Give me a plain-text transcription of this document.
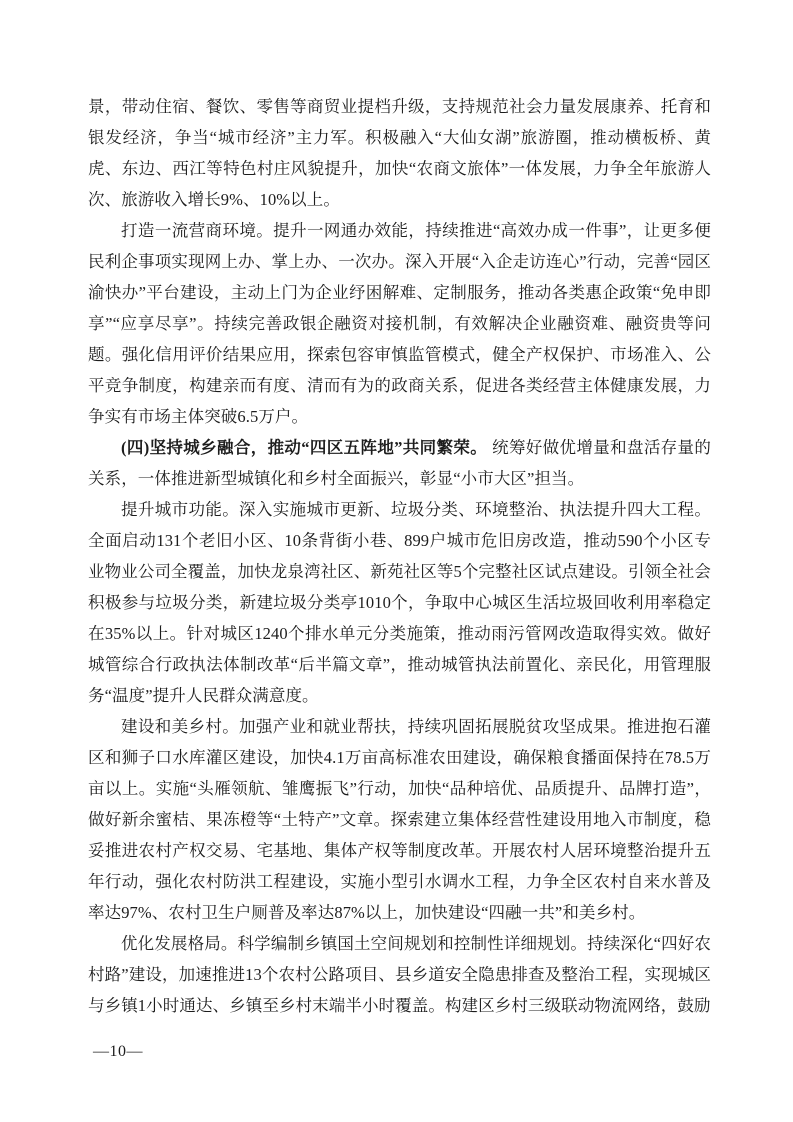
景，带动住宿、餐饮、零售等商贸业提档升级，支持规范社会力量发展康养、托育和银发经济，争当“城市经济”主力军。积极融入“大仙女湖”旅游圈，推动横板桥、黄虎、东边、西江等特色村庄风貌提升，加快“农商文旅体”一体发展，力争全年旅游人次、旅游收入增长9%、10%以上。

打造一流营商环境。提升一网通办效能，持续推进“高效办成一件事”，让更多便民利企事项实现网上办、掌上办、一次办。深入开展“入企走访连心”行动，完善“园区渝快办”平台建设，主动上门为企业纾困解难、定制服务，推动各类惠企政策“免申即享”“应享尽享”。持续完善政银企融资对接机制，有效解决企业融资难、融资贵等问题。强化信用评价结果应用，探索包容审慎监管模式，健全产权保护、市场准入、公平竞争制度，构建亲而有度、清而有为的政商关系，促进各类经营主体健康发展，力争实有市场主体突破6.5万户。

(四)坚持城乡融合，推动“四区五阵地”共同繁荣。 统筹好做优增量和盘活存量的关系，一体推进新型城镇化和乡村全面振兴，彰显“小市大区”担当。

提升城市功能。深入实施城市更新、垃圾分类、环境整治、执法提升四大工程。全面启动131个老旧小区、10条背街小巷、899户城市危旧房改造，推动590个小区专业物业公司全覆盖，加快龙泉湾社区、新苑社区等5个完整社区试点建设。引领全社会积极参与垃圾分类，新建垃圾分类亭1010个，争取中心城区生活垃圾回收利用率稳定在35%以上。针对城区1240个排水单元分类施策，推动雨污管网改造取得实效。做好城管综合行政执法体制改革“后半篇文章”，推动城管执法前置化、亲民化，用管理服务“温度”提升人民群众满意度。

建设和美乡村。加强产业和就业帮扶，持续巩固拓展脱贫攻坚成果。推进抱石灌区和狮子口水库灌区建设，加快4.1万亩高标准农田建设，确保粮食播面保持在78.5万亩以上。实施“头雁领航、雏鹰振飞”行动，加快“品种培优、品质提升、品牌打造”，做好新余蜜桔、果冻橙等“土特产”文章。探索建立集体经营性建设用地入市制度，稳妥推进农村产权交易、宅基地、集体产权等制度改革。开展农村人居环境整治提升五年行动，强化农村防洪工程建设，实施小型引水调水工程，力争全区农村自来水普及率达97%、农村卫生户厕普及率达87%以上，加快建设“四融一共”和美乡村。

优化发展格局。科学编制乡镇国土空间规划和控制性详细规划。持续深化“四好农村路”建设，加速推进13个农村公路项目、县乡道安全隐患排查及整治工程，实现城区与乡镇1小时通达、乡镇至乡村末端半小时覆盖。构建区乡村三级联动物流网络，鼓励

—10—
